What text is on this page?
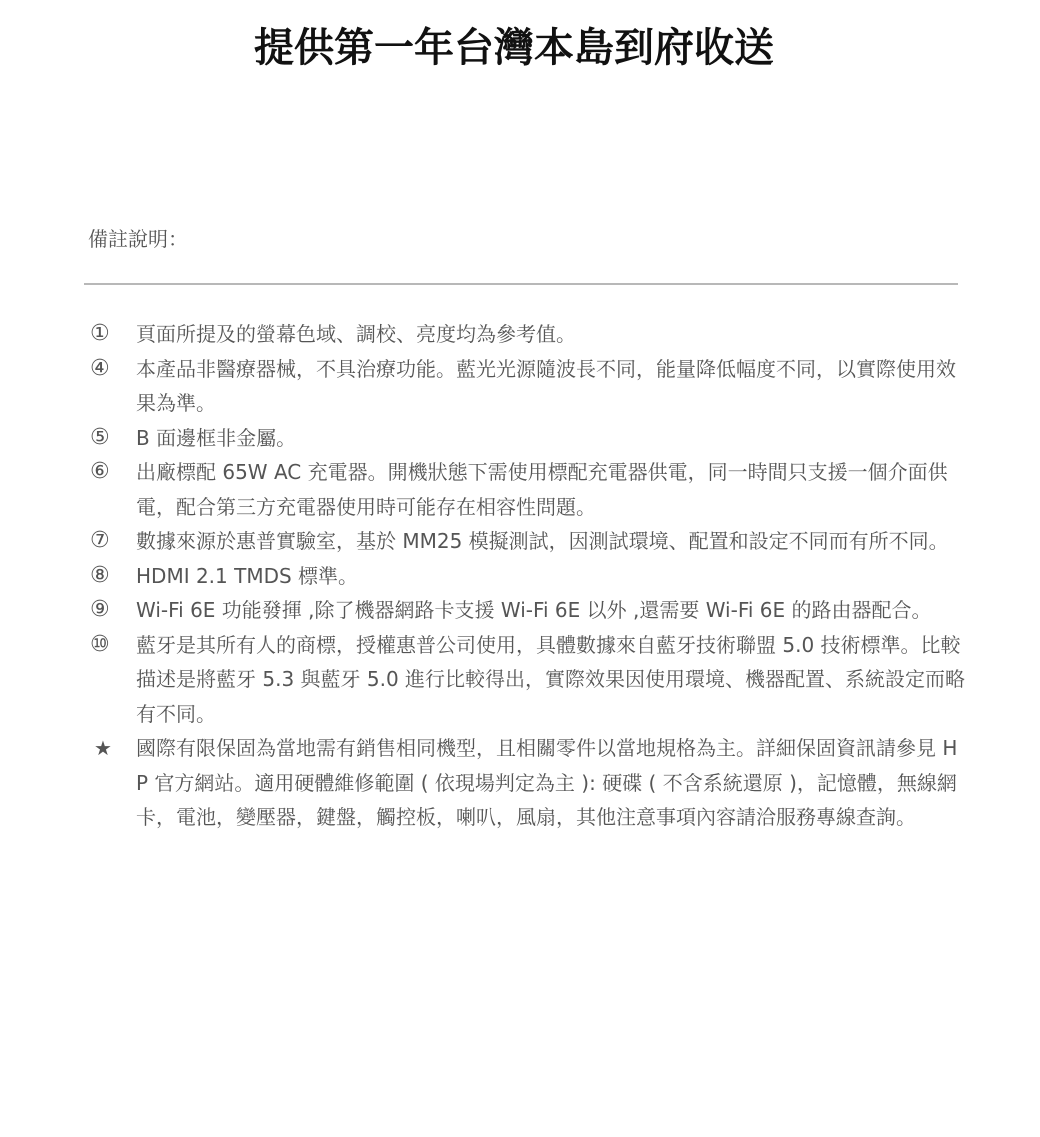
提供第一年台灣本島到府收送
備註說明：
①	頁面所提及的螢幕色域、調校、亮度均為參考值。
④	本產品非醫療器械，不具治療功能。藍光光源隨波長不同，能量降低幅度不同，以實際使用效果為準。
⑤	B 面邊框非金屬。
⑥	出廠標配 65W AC 充電器。開機狀態下需使用標配充電器供電，同一時間只支援一個介面供電，配合第三方充電器使用時可能存在相容性問題。
⑦	數據來源於惠普實驗室，基於 MM25 模擬測試，因測試環境、配置和設定不同而有所不同。
⑧	HDMI 2.1 TMDS 標準。
⑨	Wi-Fi 6E 功能發揮 ,除了機器網路卡支援 Wi-Fi 6E 以外 ,還需要 Wi-Fi 6E 的路由器配合。
⑩	藍牙是其所有人的商標，授權惠普公司使用，具體數據來自藍牙技術聯盟 5.0 技術標準。比較描述是將藍牙 5.3 與藍牙 5.0 進行比較得出，實際效果因使用環境、機器配置、系統設定而略有不同。
★	國際有限保固為當地需有銷售相同機型，且相關零件以當地規格為主。詳細保固資訊請參見 HP 官方網站。適用硬體維修範圍 ( 依現場判定為主 ): 硬碟 ( 不含系統還原 )，記憶體，無線網卡，電池，變壓器，鍵盤，觸控板，喇叭，風扇，其他注意事項內容請洽服務專線查詢。
